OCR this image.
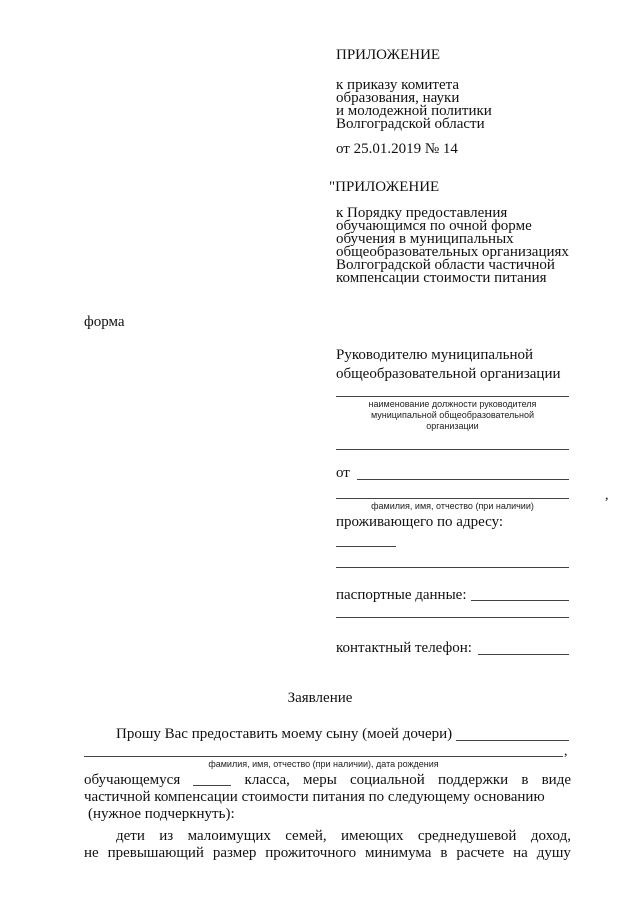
ПРИЛОЖЕНИЕ
к приказу комитета
образования, науки
и молодежной политики
Волгоградской области
от 25.01.2019 № 14
"ПРИЛОЖЕНИЕ
к Порядку предоставления
обучающимся по очной форме
обучения в муниципальных
общеобразовательных организациях
Волгоградской области частичной
компенсации стоимости питания
форма
Руководителю муниципальной
общеобразовательной организации
наименование должности руководителя
муниципальной общеобразовательной
организации
от
фамилия, имя, отчество (при наличии)
,
проживающего по адресу:
паспортные данные:
контактный телефон:
Заявление
Прошу Вас предоставить моему сыну (моей дочери)
,
фамилия, имя, отчество (при наличии), дата рождения
обучающемуся	класса, меры социальной поддержки в виде
частичной компенсации стоимости питания по следующему основанию
(нужное подчеркнуть):
дети из малоимущих семей, имеющих среднедушевой доход,
не превышающий размер прожиточного минимума в расчете на душу
